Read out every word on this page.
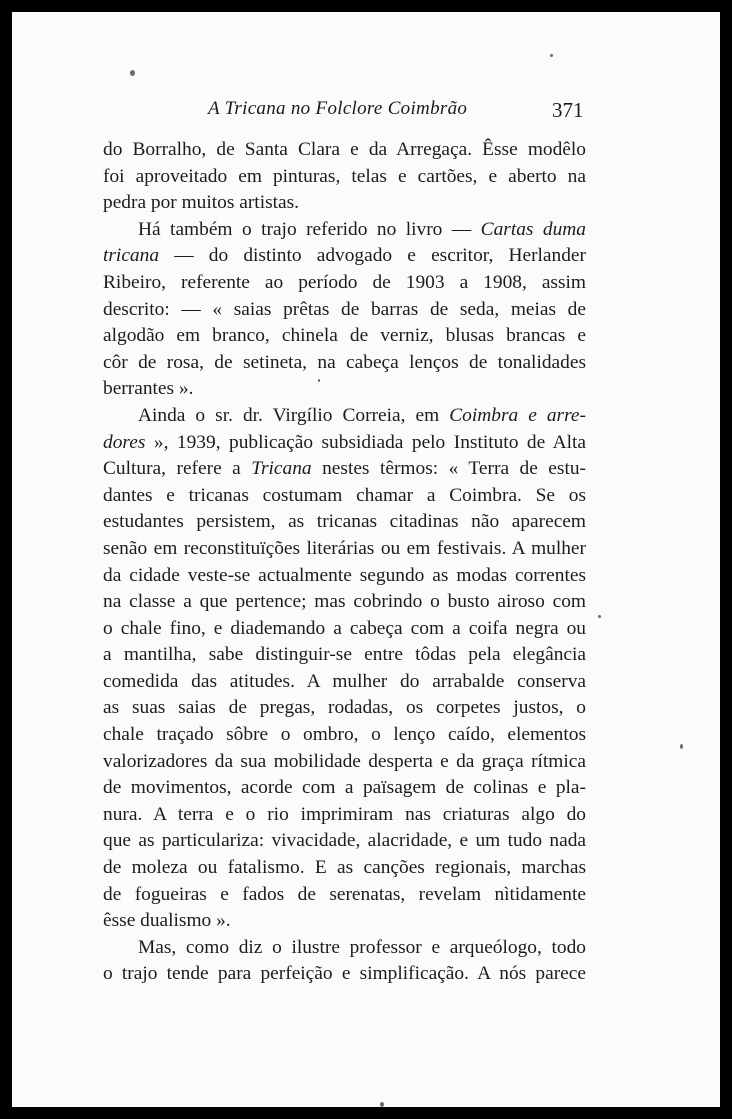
A Tricana no Folclore Coimbrão	371
do Borralho, de Santa Clara e da Arregaça. Êsse modêlo
foi aproveitado em pinturas, telas e cartões, e aberto na
pedra por muitos artistas.
Há também o trajo referido no livro — Cartas duma
tricana — do distinto advogado e escritor, Herlander
Ribeiro, referente ao período de 1903 a 1908, assim
descrito: — « saias prêtas de barras de seda, meias de
algodão em branco, chinela de verniz, blusas brancas e
côr de rosa, de setineta, na cabeça lenços de tonalidades
berrantes ».
Ainda o sr. dr. Virgílio Correia, em Coimbra e arre-
dores », 1939, publicação subsidiada pelo Instituto de Alta
Cultura, refere a Tricana nestes têrmos: « Terra de estu-
dantes e tricanas costumam chamar a Coimbra. Se os
estudantes persistem, as tricanas citadinas não aparecem
senão em reconstituïções literárias ou em festivais. A mulher
da cidade veste-se actualmente segundo as modas correntes
na classe a que pertence; mas cobrindo o busto airoso com
o chale fino, e diademando a cabeça com a coifa negra ou
a mantilha, sabe distinguir-se entre tôdas pela elegância
comedida das atitudes. A mulher do arrabalde conserva
as suas saias de pregas, rodadas, os corpetes justos, o
chale traçado sôbre o ombro, o lenço caído, elementos
valorizadores da sua mobilidade desperta e da graça rítmica
de movimentos, acorde com a païsagem de colinas e pla-
nura. A terra e o rio imprimiram nas criaturas algo do
que as particulariza: vivacidade, alacridade, e um tudo nada
de moleza ou fatalismo. E as canções regionais, marchas
de fogueiras e fados de serenatas, revelam nìtidamente
êsse dualismo ».
Mas, como diz o ilustre professor e arqueólogo, todo
o trajo tende para perfeição e simplificação. A nós parece
